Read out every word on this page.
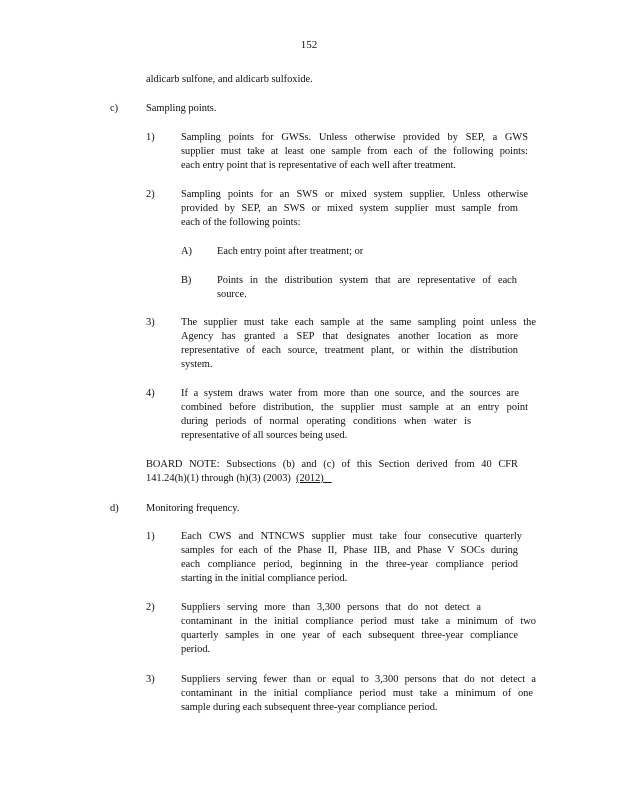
152
aldicarb sulfone, and aldicarb sulfoxide.
c)	Sampling points.
1)	Sampling points for GWSs. Unless otherwise provided by SEP, a GWS
supplier must take at least one sample from each of the following points:
each entry point that is representative of each well after treatment.
2)	Sampling points for an SWS or mixed system supplier. Unless otherwise
provided by SEP, an SWS or mixed system supplier must sample from
each of the following points:
A) Each entry point after treatment; or
B) Points in the distribution system that are representative of each
source.
3)	The supplier must take each sample at the same sampling point unless the
Agency has granted a SEP that designates another location as more
representative of each source, treatment plant, or within the distribution
system.
4)	If a system draws water from more than one source, and the sources are
combined before distribution, the supplier must sample at an entry point
during periods of normal operating conditions when water is
representative of all sources being used.
BOARD NOTE: Subsections (b) and (c) of this Section derived from 40 CFR
141.24(h)(1) through (h)(3) (2003) (2012)
d)	Monitoring frequency.
1)	Each CWS and NTNCWS supplier must take four consecutive quarterly
samples for each of the Phase II, Phase IIB, and Phase V SOCs during
each compliance period, beginning in the three-year compliance period
starting in the initial compliance period.
2)	Suppliers serving more than 3,300 persons that do not detect a
contaminant in the initial compliance period must take a minimum of two
quarterly samples in one year of each subsequent three-year compliance
period.
3)	Suppliers serving fewer than or equal to 3,300 persons that do not detect a
contaminant in the initial compliance period must take a minimum of one
sample during each subsequent three-year compliance period.
